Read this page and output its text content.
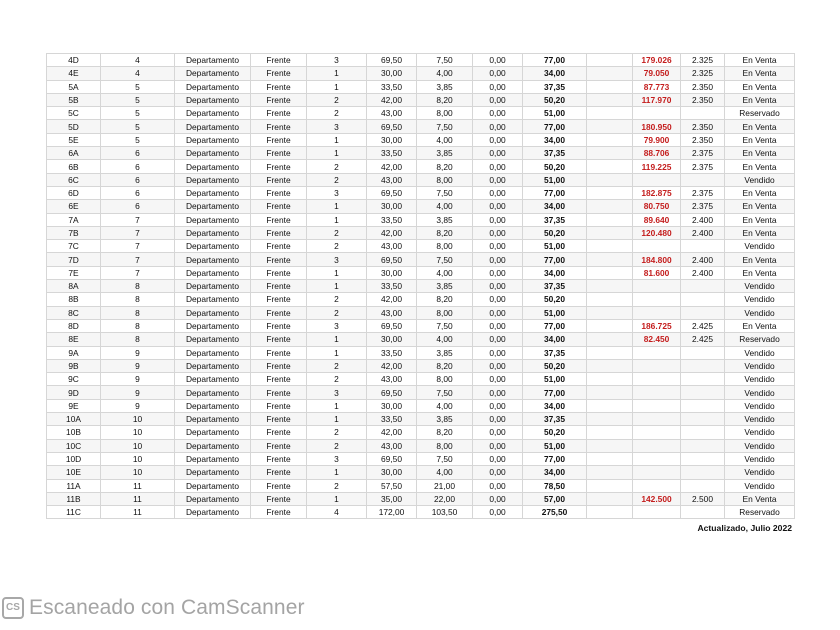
4D	4	Departamento	Frente	3	69,50	7,50	0,00	77,00		179.026	2.325	En Venta
4E	4	Departamento	Frente	1	30,00	4,00	0,00	34,00		79.050	2.325	En Venta
5A	5	Departamento	Frente	1	33,50	3,85	0,00	37,35		87.773	2.350	En Venta
5B	5	Departamento	Frente	2	42,00	8,20	0,00	50,20		117.970	2.350	En Venta
5C	5	Departamento	Frente	2	43,00	8,00	0,00	51,00				Reservado
5D	5	Departamento	Frente	3	69,50	7,50	0,00	77,00		180.950	2.350	En Venta
5E	5	Departamento	Frente	1	30,00	4,00	0,00	34,00		79.900	2.350	En Venta
6A	6	Departamento	Frente	1	33,50	3,85	0,00	37,35		88.706	2.375	En Venta
6B	6	Departamento	Frente	2	42,00	8,20	0,00	50,20		119.225	2.375	En Venta
6C	6	Departamento	Frente	2	43,00	8,00	0,00	51,00				Vendido
6D	6	Departamento	Frente	3	69,50	7,50	0,00	77,00		182.875	2.375	En Venta
6E	6	Departamento	Frente	1	30,00	4,00	0,00	34,00		80.750	2.375	En Venta
7A	7	Departamento	Frente	1	33,50	3,85	0,00	37,35		89.640	2.400	En Venta
7B	7	Departamento	Frente	2	42,00	8,20	0,00	50,20		120.480	2.400	En Venta
7C	7	Departamento	Frente	2	43,00	8,00	0,00	51,00				Vendido
7D	7	Departamento	Frente	3	69,50	7,50	0,00	77,00		184.800	2.400	En Venta
7E	7	Departamento	Frente	1	30,00	4,00	0,00	34,00		81.600	2.400	En Venta
8A	8	Departamento	Frente	1	33,50	3,85	0,00	37,35				Vendido
8B	8	Departamento	Frente	2	42,00	8,20	0,00	50,20				Vendido
8C	8	Departamento	Frente	2	43,00	8,00	0,00	51,00				Vendido
8D	8	Departamento	Frente	3	69,50	7,50	0,00	77,00		186.725	2.425	En Venta
8E	8	Departamento	Frente	1	30,00	4,00	0,00	34,00		82.450	2.425	Reservado
9A	9	Departamento	Frente	1	33,50	3,85	0,00	37,35				Vendido
9B	9	Departamento	Frente	2	42,00	8,20	0,00	50,20				Vendido
9C	9	Departamento	Frente	2	43,00	8,00	0,00	51,00				Vendido
9D	9	Departamento	Frente	3	69,50	7,50	0,00	77,00				Vendido
9E	9	Departamento	Frente	1	30,00	4,00	0,00	34,00				Vendido
10A	10	Departamento	Frente	1	33,50	3,85	0,00	37,35				Vendido
10B	10	Departamento	Frente	2	42,00	8,20	0,00	50,20				Vendido
10C	10	Departamento	Frente	2	43,00	8,00	0,00	51,00				Vendido
10D	10	Departamento	Frente	3	69,50	7,50	0,00	77,00				Vendido
10E	10	Departamento	Frente	1	30,00	4,00	0,00	34,00				Vendido
11A	11	Departamento	Frente	2	57,50	21,00	0,00	78,50				Vendido
11B	11	Departamento	Frente	1	35,00	22,00	0,00	57,00		142.500	2.500	En Venta
11C	11	Departamento	Frente	4	172,00	103,50	0,00	275,50				Reservado
Actualizado, Julio 2022
CS Escaneado con CamScanner
